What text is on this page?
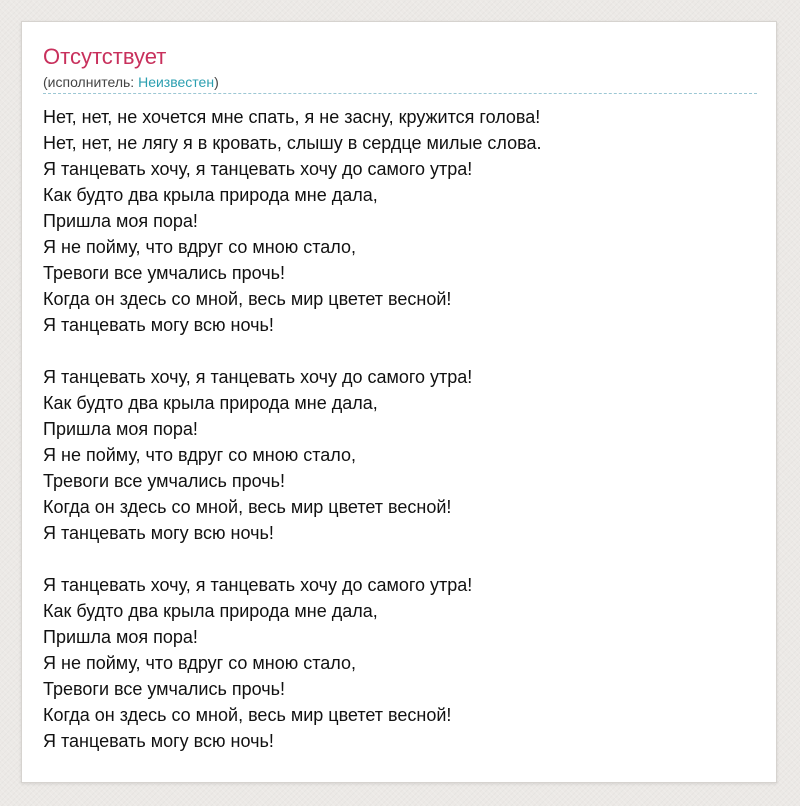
Отсутствует
(исполнитель: Неизвестен)
Нет, нет, не хочется мне спать, я не засну, кружится голова!
Нет, нет, не лягу я в кровать, слышу в сердце милые слова.
Я танцевать хочу, я танцевать хочу до самого утра!
Как будто два крыла природа мне дала,
Пришла моя пора!
Я не пойму, что вдруг со мною стало,
Тревоги все умчались прочь!
Когда он здесь со мной, весь мир цветет весной!
Я танцевать могу всю ночь!
Я танцевать хочу, я танцевать хочу до самого утра!
Как будто два крыла природа мне дала,
Пришла моя пора!
Я не пойму, что вдруг со мною стало,
Тревоги все умчались прочь!
Когда он здесь со мной, весь мир цветет весной!
Я танцевать могу всю ночь!
Я танцевать хочу, я танцевать хочу до самого утра!
Как будто два крыла природа мне дала,
Пришла моя пора!
Я не пойму, что вдруг со мною стало,
Тревоги все умчались прочь!
Когда он здесь со мной, весь мир цветет весной!
Я танцевать могу всю ночь!
